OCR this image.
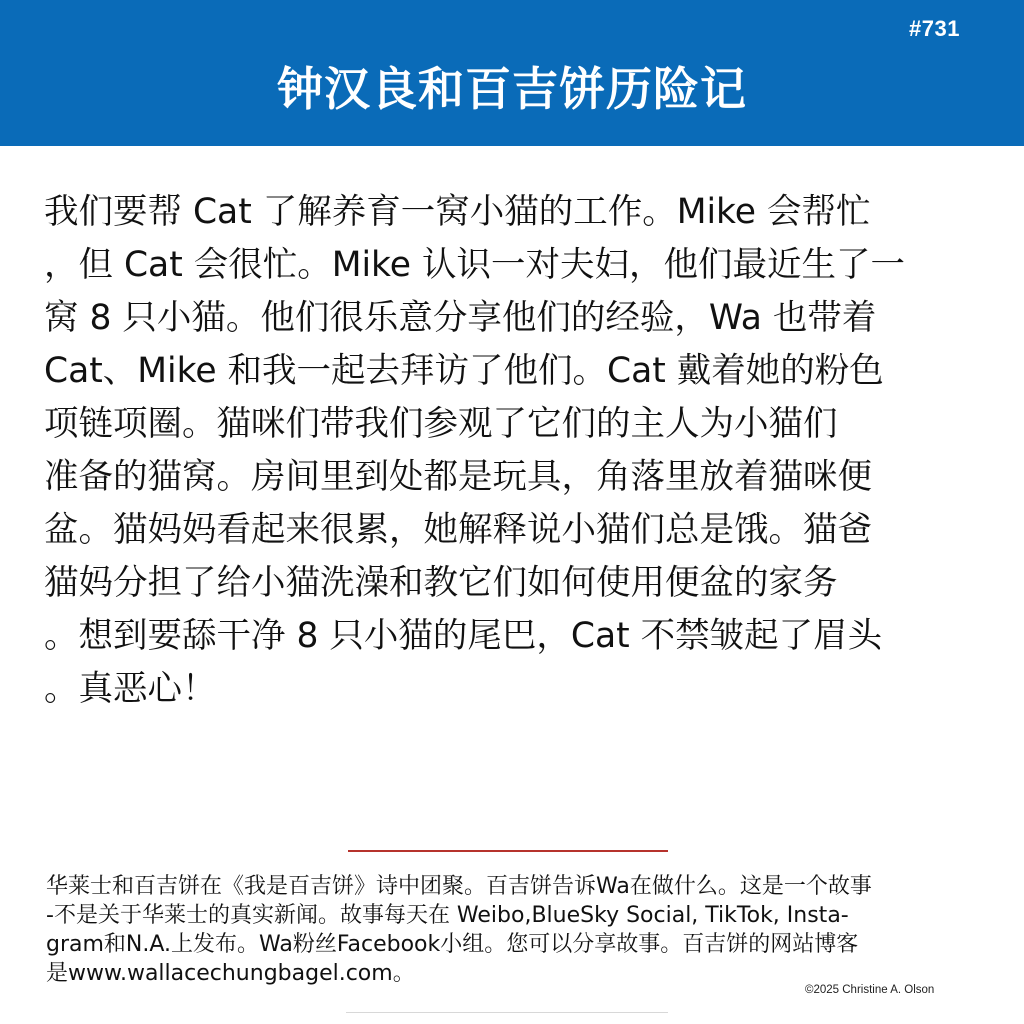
#731
钟汉良和百吉饼历险记
我们要帮 Cat 了解养育一窝小猫的工作。Mike 会帮忙
，但 Cat 会很忙。Mike 认识一对夫妇，他们最近生了一
窝 8 只小猫。他们很乐意分享他们的经验，Wa 也带着
Cat、Mike 和我一起去拜访了他们。Cat 戴着她的粉色
项链项圈。猫咪们带我们参观了它们的主人为小猫们
准备的猫窝。房间里到处都是玩具，角落里放着猫咪便
盆。猫妈妈看起来很累，她解释说小猫们总是饿。猫爸
猫妈分担了给小猫洗澡和教它们如何使用便盆的家务
。想到要舔干净 8 只小猫的尾巴，Cat 不禁皱起了眉头
。真恶心！
华莱士和百吉饼在《我是百吉饼》诗中团聚。百吉饼告诉Wa在做什么。这是一个故事
-不是关于华莱士的真实新闻。故事每天在 Weibo,BlueSky Social, TikTok, Insta-
gram和N.A.上发布。Wa粉丝Facebook小组。您可以分享故事。百吉饼的网站博客
是www.wallacechungbagel.com。
©2025 Christine A. Olson
